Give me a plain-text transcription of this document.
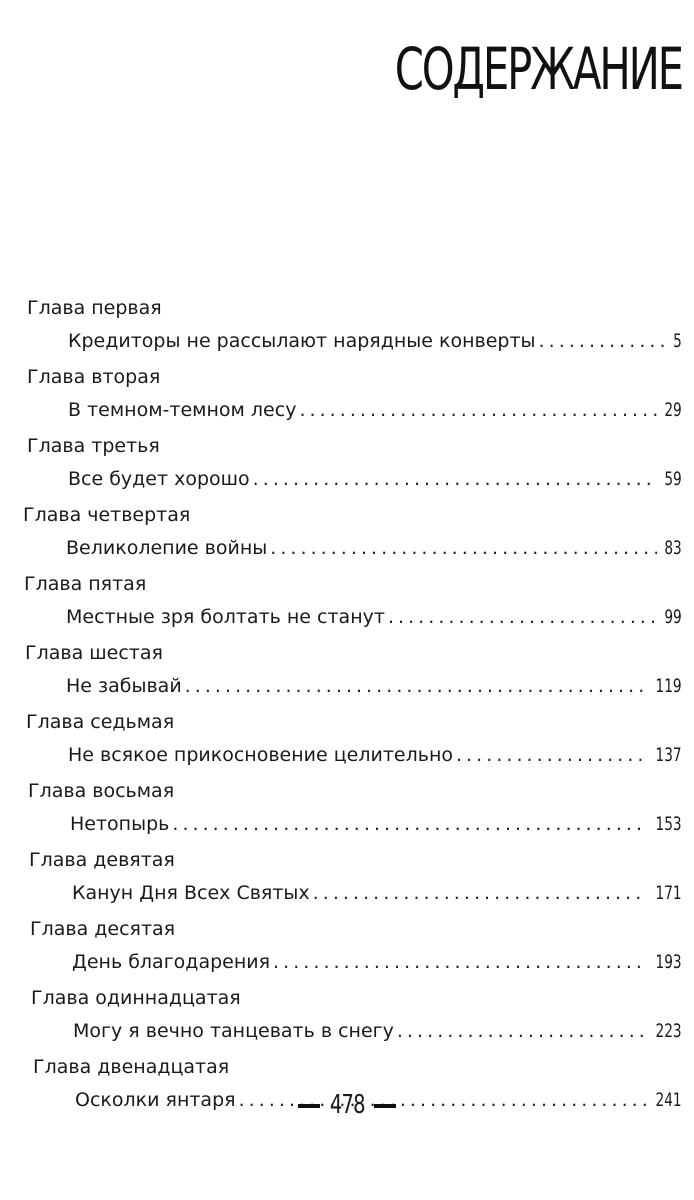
СОДЕРЖАНИЕ
Глава первая
Кредиторы не рассылают нарядные конверты . . .	5
Глава вторая
В темном-темном лесу . . .	29
Глава третья
Все будет хорошо . . .	59
Глава четвертая
Великолепие войны . . .	83
Глава пятая
Местные зря болтать не станут . . .	99
Глава шестая
Не забывай . . .	119
Глава седьмая
Не всякое прикосновение целительно . . .	137
Глава восьмая
Нетопырь . . .	153
Глава девятая
Канун Дня Всех Святых . . .	171
Глава десятая
День благодарения . . .	193
Глава одиннадцатая
Могу я вечно танцевать в снегу . . .	223
Глава двенадцатая
Осколки янтаря . . .	241
478
